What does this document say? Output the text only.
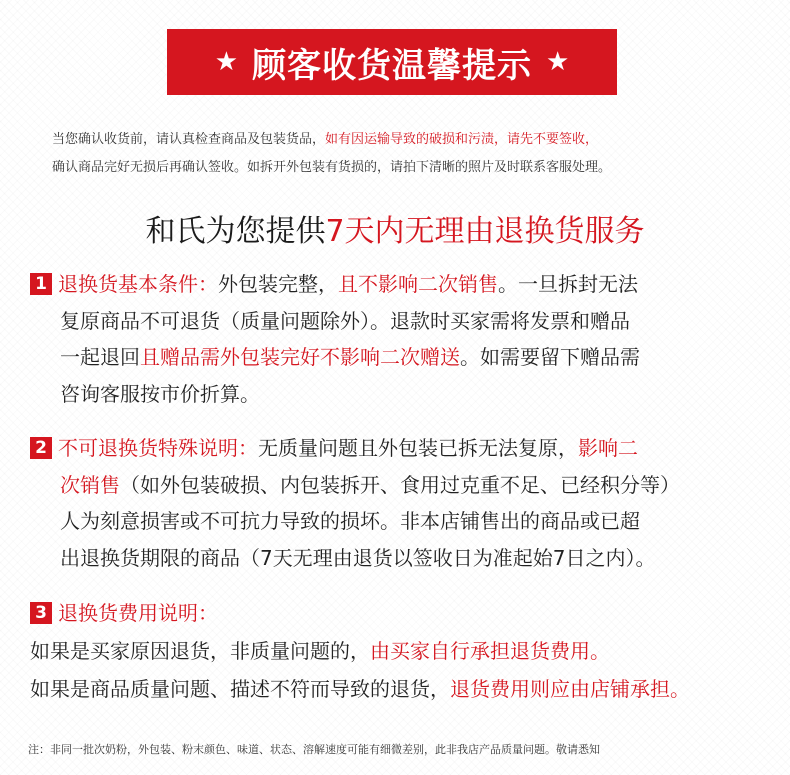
★ 顾客收货温馨提示 ★
当您确认收货前，请认真检查商品及包装货品，如有因运输导致的破损和污渍，请先不要签收，
确认商品完好无损后再确认签收。如拆开外包装有货损的，请拍下清晰的照片及时联系客服处理。
和氏为您提供7天内无理由退换货服务
1 退换货基本条件：外包装完整，且不影响二次销售。一旦拆封无法
复原商品不可退货（质量问题除外）。退款时买家需将发票和赠品
一起退回且赠品需外包装完好不影响二次赠送。如需要留下赠品需
咨询客服按市价折算。
2 不可退换货特殊说明：无质量问题且外包装已拆无法复原，影响二
次销售（如外包装破损、内包装拆开、食用过克重不足、已经积分等）
人为刻意损害或不可抗力导致的损坏。非本店铺售出的商品或已超
出退换货期限的商品（7天无理由退货以签收日为准起始7日之内）。
3 退换货费用说明：
如果是买家原因退货，非质量问题的，由买家自行承担退货费用。
如果是商品质量问题、描述不符而导致的退货，退货费用则应由店铺承担。
注：非同一批次奶粉，外包装、粉末颜色、味道、状态、溶解速度可能有细微差别，此非我店产品质量问题。敬请悉知
